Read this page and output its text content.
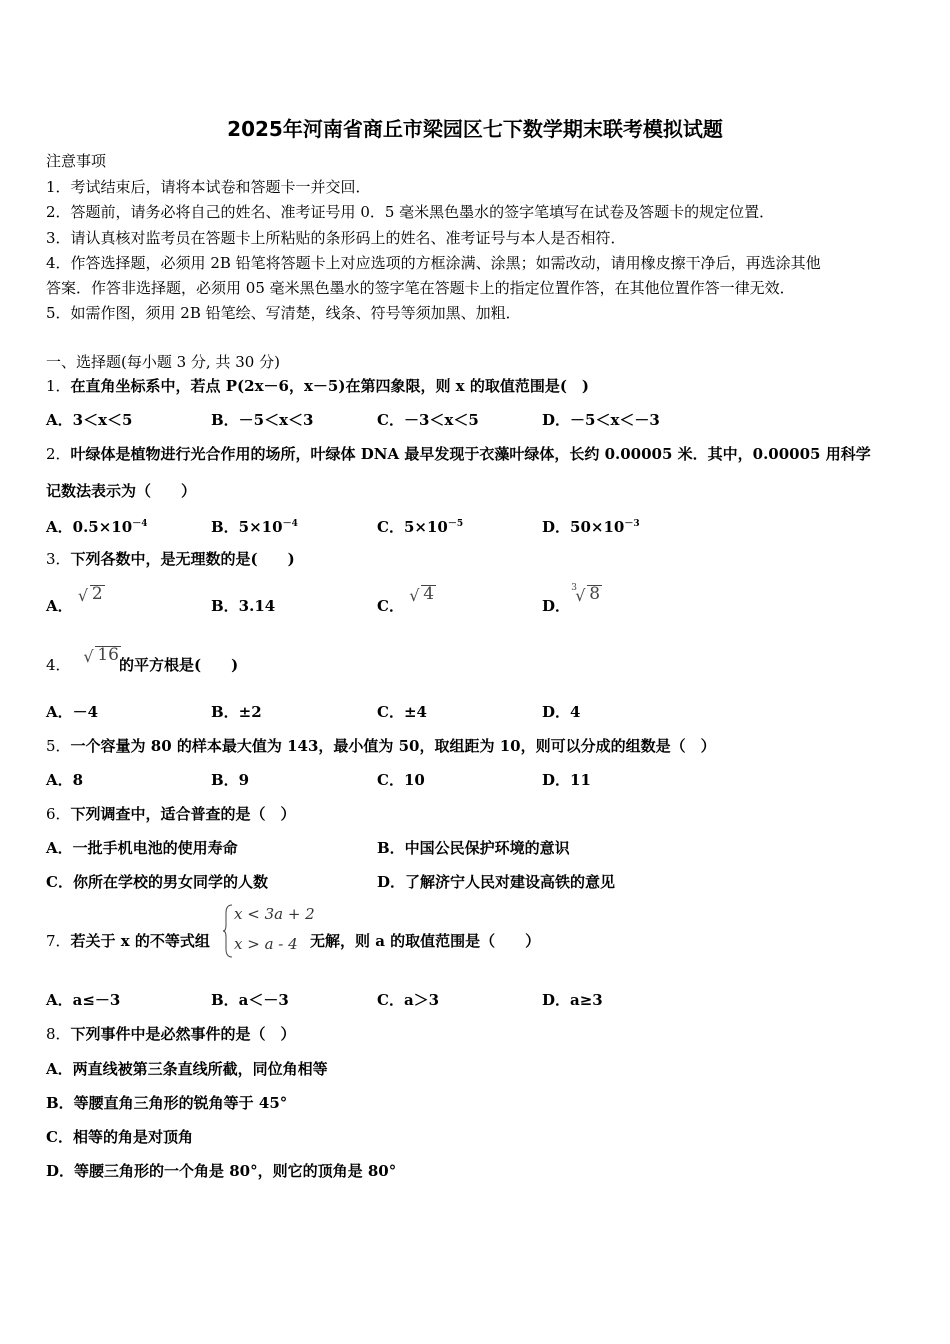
2025年河南省商丘市梁园区七下数学期末联考模拟试题
注意事项
1．考试结束后，请将本试卷和答题卡一并交回．
2．答题前，请务必将自己的姓名、准考证号用 0．5 毫米黑色墨水的签字笔填写在试卷及答题卡的规定位置．
3．请认真核对监考员在答题卡上所粘贴的条形码上的姓名、准考证号与本人是否相符．
4．作答选择题，必须用 2B 铅笔将答题卡上对应选项的方框涂满、涂黑；如需改动，请用橡皮擦干净后，再选涂其他
答案．作答非选择题，必须用 05 毫米黑色墨水的签字笔在答题卡上的指定位置作答，在其他位置作答一律无效．
5．如需作图，须用 2B 铅笔绘、写清楚，线条、符号等须加黑、加粗．
一、选择题(每小题 3 分, 共 30 分)
1．在直角坐标系中，若点 P(2x－6，x－5)在第四象限，则 x 的取值范围是(　)
A．3＜x＜5	B．－5＜x＜3	C．－3＜x＜5	D．－5＜x＜－3
2．叶绿体是植物进行光合作用的场所，叶绿体 DNA 最早发现于衣藻叶绿体，长约 0.00005 米．其中，0.00005 用科学
记数法表示为（　　）
A．$0.5\times 10^{-4}$	B．$5\times 10^{-4}$	C．$5\times 10^{-5}$	D．$50\times 10^{-3}$
3．下列各数中，是无理数的是(　　)
A．
√ 2
B．3.14	C．
√ 4
D．
3
√ 8
4． √ 16的平方根是(　　)
A．－4	B．±2	C．±4	D．4
5．一个容量为 80 的样本最大值为 143，最小值为 50，取组距为 10，则可以分成的组数是（　）
A．8	B．9	C．10	D．11
6．下列调查中，适合普查的是（　）
A．一批手机电池的使用寿命	B．中国公民保护环境的意识
C．你所在学校的男女同学的人数	D．了解济宁人民对建设高铁的意见
7．若关于 x 的不等式组
x < 3a + 2
x > a - 4 无解，则 a 的取值范围是（　　）
A．a≤－3	B．a＜－3	C．a＞3	D．a≥3
8．下列事件中是必然事件的是（　）
A．两直线被第三条直线所截，同位角相等
B．等腰直角三角形的锐角等于 45°
C．相等的角是对顶角
D．等腰三角形的一个角是 80°，则它的顶角是 80°
